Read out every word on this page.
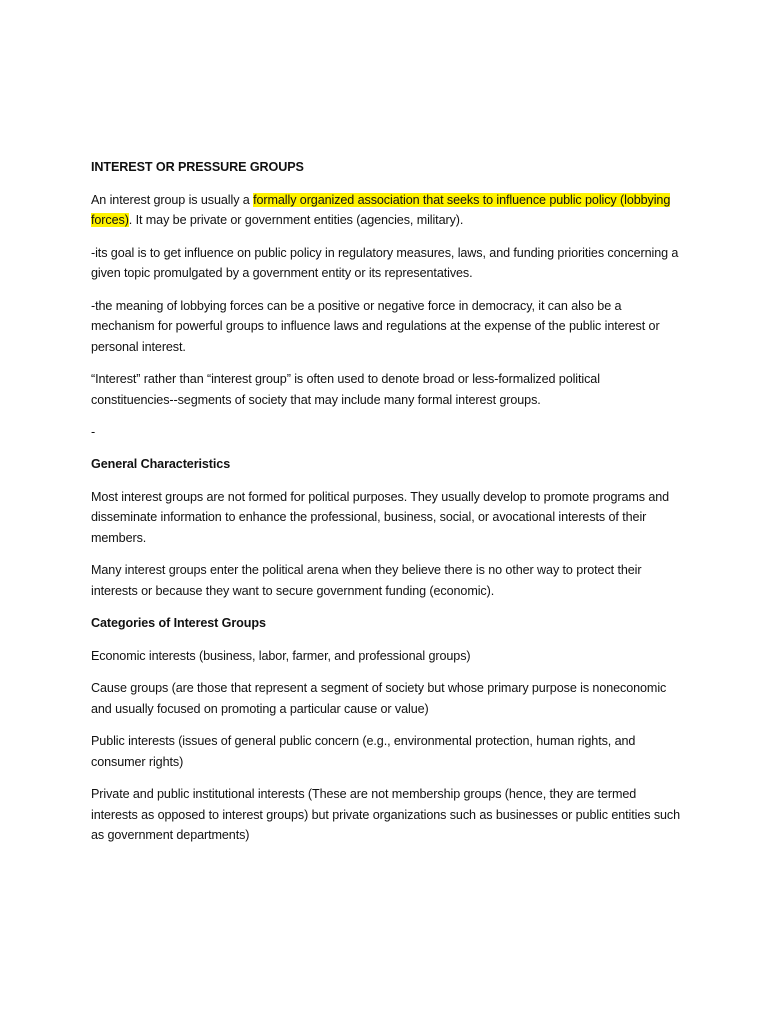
INTEREST OR PRESSURE GROUPS

An interest group is usually a formally organized association that seeks to influence public policy (lobbying forces). It may be private or government entities (agencies, military).

-its goal is to get influence on public policy in regulatory measures, laws, and funding priorities concerning a given topic promulgated by a government entity or its representatives.

-the meaning of lobbying forces can be a positive or negative force in democracy, it can also be a mechanism for powerful groups to influence laws and regulations at the expense of the public interest or personal interest.

“Interest” rather than “interest group” is often used to denote broad or less-formalized political constituencies--segments of society that may include many formal interest groups.

-
General Characteristics

Most interest groups are not formed for political purposes. They usually develop to promote programs and disseminate information to enhance the professional, business, social, or avocational interests of their members.

Many interest groups enter the political arena when they believe there is no other way to protect their interests or because they want to secure government funding (economic).

Categories of Interest Groups

Economic interests (business, labor, farmer, and professional groups)

Cause groups (are those that represent a segment of society but whose primary purpose is noneconomic and usually focused on promoting a particular cause or value)

Public interests (issues of general public concern (e.g., environmental protection, human rights, and consumer rights)

Private and public institutional interests (These are not membership groups (hence, they are termed interests as opposed to interest groups) but private organizations such as businesses or public entities such as government departments)
